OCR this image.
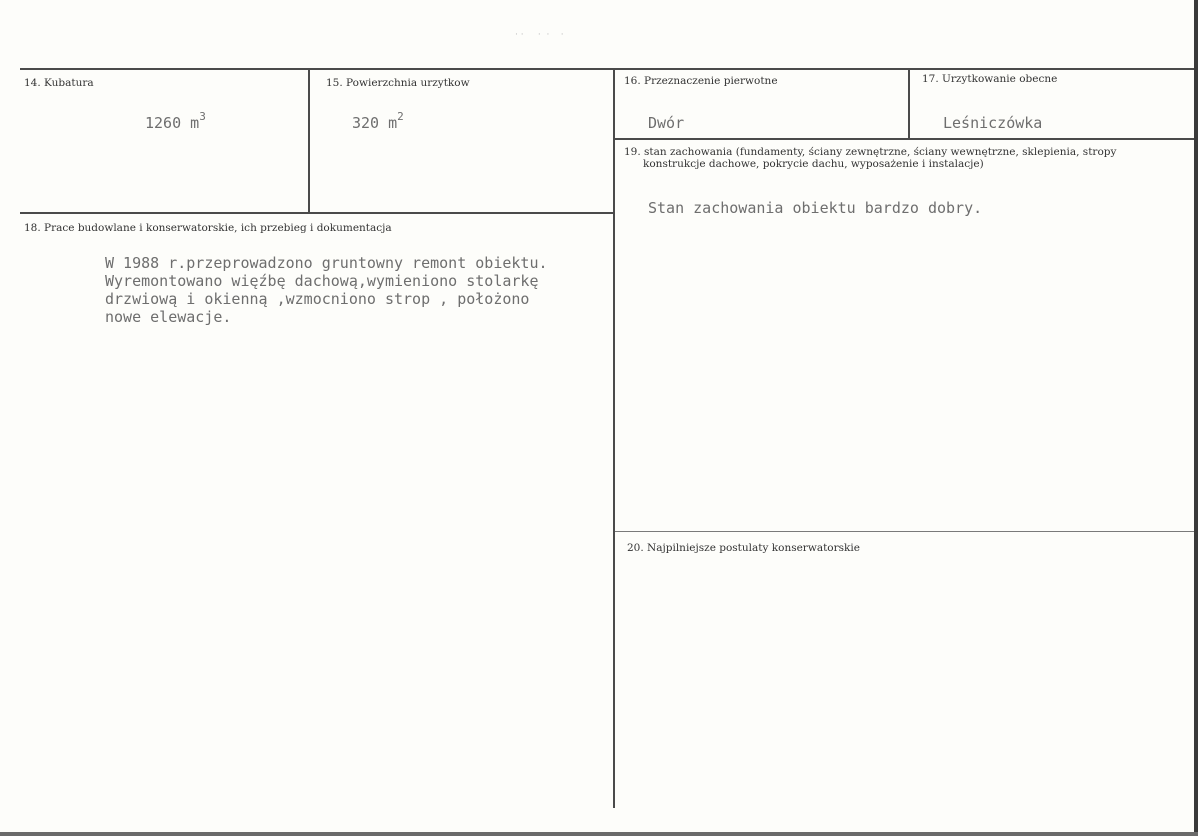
· ·     ·  ·    ·
14. Kubatura
1260 $m^3$
15. Powierzchnia urzytkow
320 $m^2$
16. Przeznaczenie pierwotne
Dwór
17. Urzytkowanie obecne
Leśniczówka
19. stan zachowania (fundamenty, ściany zewnętrzne, ściany wewnętrzne, sklepienia, stropy
konstrukcje dachowe, pokrycie dachu, wyposażenie i instalacje)
Stan zachowania obiektu bardzo dobry.
18. Prace budowlane i konserwatorskie, ich przebieg i dokumentacja
W 1988 r.przeprowadzono gruntowny remont obiektu.
Wyremontowano więźbę dachową,wymieniono stolarkę
drzwiową i okienną ,wzmocniono strop , położono
nowe elewacje.
20. Najpilniejsze postulaty konserwatorskie
